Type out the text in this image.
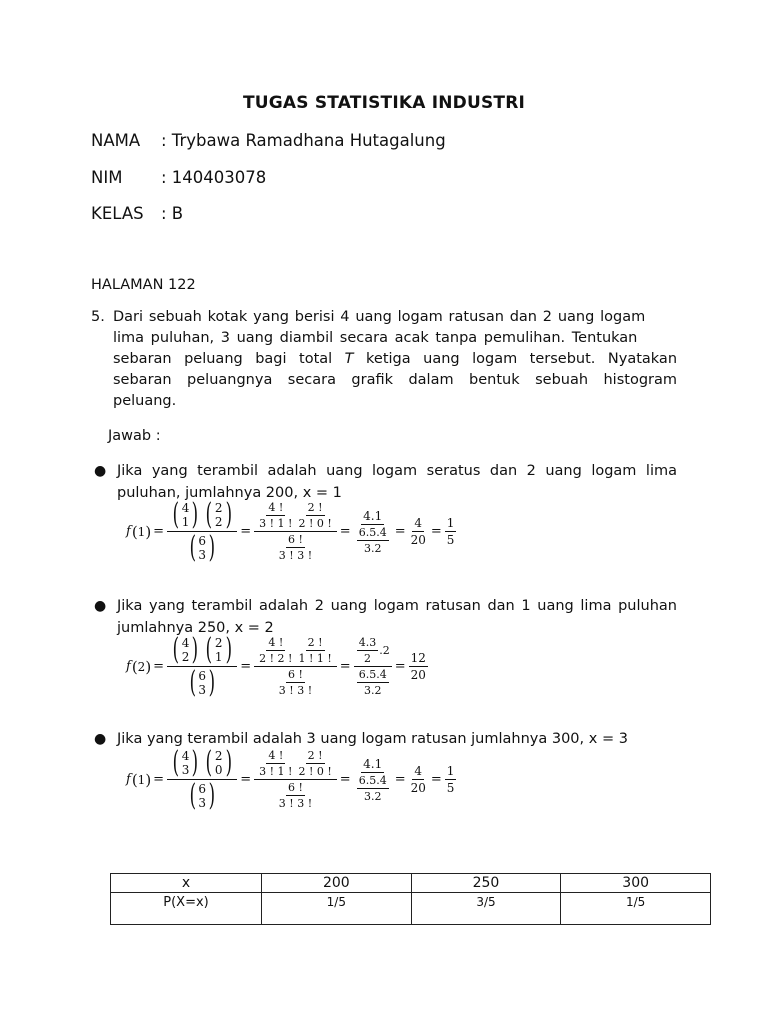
TUGAS STATISTIKA INDUSTRI
NAMA : Trybawa Ramadhana Hutagalung
NIM : 140403078
KELAS : B
HALAMAN 122
5. Dari sebuah kotak yang berisi 4 uang logam ratusan dan 2 uang logam
lima puluhan, 3 uang diambil secara acak tanpa pemulihan. Tentukan
sebaran peluang bagi total T ketiga uang logam tersebut. Nyatakan
sebaran peluangnya secara grafik dalam bentuk sebuah histogram
peluang.
Jawab :
● Jika yang terambil adalah uang logam seratus dan 2 uang logam lima
puluhan, jumlahnya 200, x = 1
f ( 1 ) = ( 4
1 ) ( 2
2 )
( 6
3 ) = $\frac{\frac{4 !}{3 ! 1 !} \frac{2 !}{2 ! 0 !}}{\frac{6 !}{3 ! 3 !}} = \frac{4.1}{\frac{6.5.4}{3.2}} = \frac{4}{20} = \frac{1}{5}$
● Jika yang terambil adalah 2 uang logam ratusan dan 1 uang lima puluhan
jumlahnya 250, x = 2
f ( 2 ) = ( 4
2 ) ( 2
1 )
( 6
3 ) = $\frac{\frac{4 !}{2 ! 2 !} \frac{2 !}{1 ! 1 !}}{\frac{6 !}{3 ! 3 !}} = \frac{\frac{4.3}{2} .2}{\frac{6.5.4}{3.2}} = \frac{12}{20}$
● Jika yang terambil adalah 3 uang logam ratusan jumlahnya 300, x = 3
f ( 1 ) = ( 4
3 ) ( 2
0 )
( 6
3 ) = $\frac{\frac{4 !}{3 ! 1 !} \frac{2 !}{2 ! 0 !}}{\frac{6 !}{3 ! 3 !}} = \frac{4.1}{\frac{6.5.4}{3.2}} = \frac{4}{20} = \frac{1}{5}$
x	200	250	300
P(X=x)	1/5	3/5	1/5
